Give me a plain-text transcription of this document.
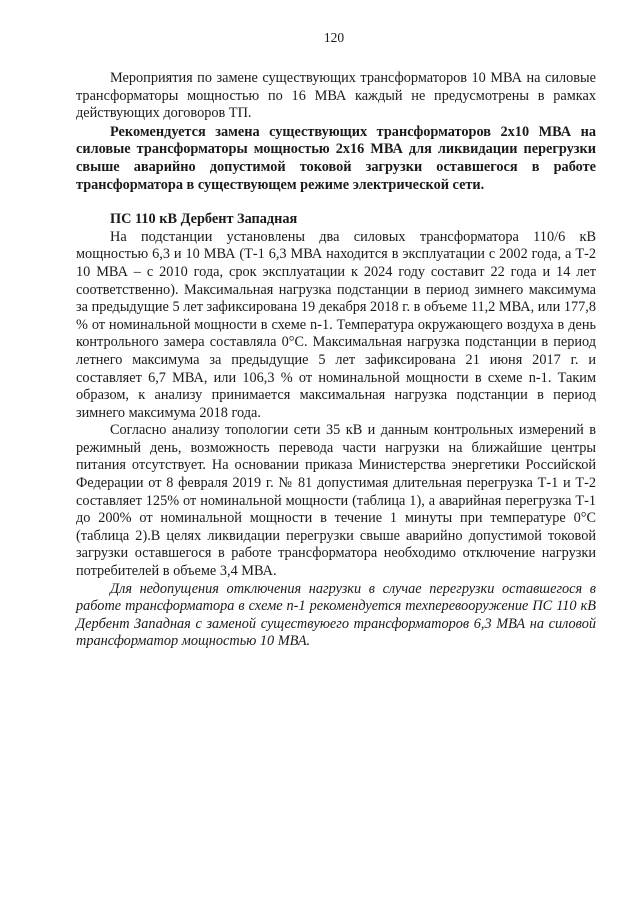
120

Мероприятия по замене существующих трансформаторов 10 МВА на силовые трансформаторы мощностью по 16 МВА каждый не предусмотрены в рамках действующих договоров ТП.

Рекомендуется замена существующих трансформаторов 2x10 МВА на силовые трансформаторы мощностью 2x16 МВА для ликвидации перегрузки свыше аварийно допустимой токовой загрузки оставшегося в работе трансформатора в существующем режиме электрической сети.

ПС 110 кВ Дербент Западная

На подстанции установлены два силовых трансформатора 110/6 кВ мощностью 6,3 и 10 МВА (Т-1 6,3 МВА находится в эксплуатации с 2002 года, а Т-2 10 МВА – с 2010 года, срок эксплуатации к 2024 году составит 22 года и 14 лет соответственно). Максимальная нагрузка подстанции в период зимнего максимума за предыдущие 5 лет зафиксирована 19 декабря 2018 г. в объеме 11,2 МВА, или 177,8 % от номинальной мощности в схеме n-1. Температура окружающего воздуха в день контрольного замера составляла 0°С. Максимальная нагрузка подстанции в период летнего максимума за предыдущие 5 лет зафиксирована 21 июня 2017 г. и составляет 6,7 МВА, или 106,3 % от номинальной мощности в схеме n-1. Таким образом, к анализу принимается максимальная нагрузка подстанции в период зимнего максимума 2018 года.

Согласно анализу топологии сети 35 кВ и данным контрольных измерений в режимный день, возможность перевода части нагрузки на ближайшие центры питания отсутствует. На основании приказа Министерства энергетики Российской Федерации от 8 февраля 2019 г. № 81 допустимая длительная перегрузка Т-1 и Т-2 составляет 125% от номинальной мощности (таблица 1), а аварийная перегрузка Т-1 до 200% от номинальной мощности в течение 1 минуты при температуре 0°С (таблица 2).В целях ликвидации перегрузки свыше аварийно допустимой токовой загрузки оставшегося в работе трансформатора необходимо отключение нагрузки потребителей в объеме 3,4 МВА.

Для недопущения отключения нагрузки в случае перегрузки оставшегося в работе трансформатора в схеме n-1 рекомендуется техперевооружение ПС 110 кВ Дербент Западная с заменой существуюего трансформаторов 6,3 МВА на силовой трансформатор мощностью 10 МВА.
